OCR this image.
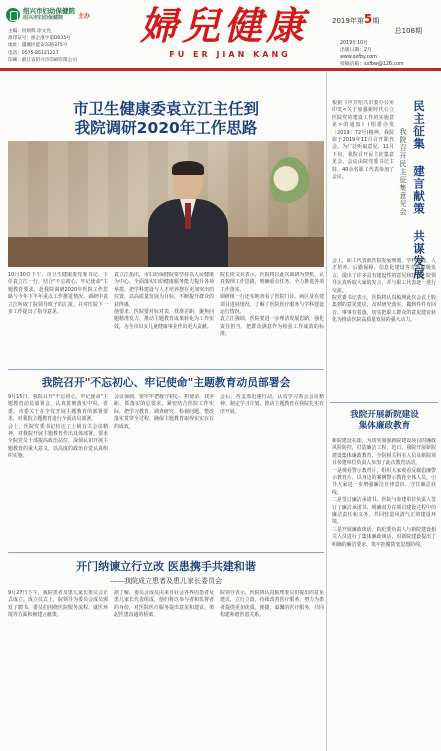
绍兴市妇幼保健院
绍兴市妇幼保健院	主办
主编：何炳辉 徐文亮
准印证号：浙企准字第D035号
地址：越城区延安东路375号
电话：0575-85121227
印刷：浙江省绍兴市印刷有限公司
婦兒健康
FU ER JIAN KANG
2019年第5期
总108期
2019年10月
出版日期：2月
www.sxfby.com
投稿信箱：sxfbw@126.com
市卫生健康委袁立江主任到
我院调研2020年工作思路

10月30日下午，市卫生健康委党委书记、主任袁立江一行，结合"不忘初心、牢记使命"主题教育要求，赴我院调研2020年医院工作思路与今年下半年重点工作推进情况。调研中袁立江听取了院领导班子的汇报，并对医院下一步工作提出了指导意见。

袁立江指出，市妇幼保健院要坚持以人民健康为中心，全面落实妇幼健康服务能力提升各项举措，把学科建设与人才培养摆在更加突出的位置，以高质量发展为目标，不断提升群众的获得感。

他要求，医院要对标对表，找准差距，聚焦问题精准发力，推动主题教育成果转化为工作实效，为全市妇女儿童健康事业作出更大贡献。

院长徐文亮表示，医院将以此次调研为契机，认真梳理工作思路，明确重点任务，全力推进各项工作落实。

调研组一行还实地查看了医院门诊、病区及在建项目进展情况，了解了医院医疗服务与学科建设运行情况。

袁立江强调，医院要进一步理清发展思路，强化责任担当，把群众满意作为检验工作成效的标准。

我院召开"不忘初心、牢记使命"主题教育动员部署会

9月15日，我院召开"不忘初心、牢记使命"主题教育动员部署会，认真贯彻落实中央、省委、市委关于在全党开展主题教育的部署要求，对我院主题教育进行全面动员部署。

会上，医院党委书记传达了上级有关会议精神，对我院开展主题教育作出具体部署，要求全院党员干部提高政治站位，深刻认识开展主题教育的重大意义，以高度的政治自觉认真组织实施。

会议强调，要牢牢把握守初心、担使命，找差距、抓落实的总要求，紧密结合医院工作实际，把学习教育、调查研究、检视问题、整改落实贯穿全过程，确保主题教育取得实实在在的成效。

会后，各支部迅速行动，认真学习领会会议精神，制定学习计划，推动主题教育在我院扎实有序开展。

开门纳谏立行立改 医患携手共建和谐
——我院成立患者及患儿家长委员会

9月27日下午，我院患者及患儿家长委员会正式成立。成立仪式上，院领导为委员会成员颁发了聘书，委员们围绕医院服务流程、就医环境等方面积极建言献策。

据了解，委员会成员由来自社会各界的患者及患儿家长代表组成，他们将以参与者和监督者的身份，对医院医疗服务提出意见和建议，架起医患沟通的桥梁。

院领导表示，医院将认真梳理委员们提出的意见建议，立行立改，持续改善医疗服务，努力为患者提供更加优质、便捷、温馨的医疗服务，共同构建和谐医患关系。

民主征集 建言献策 共谋发展
我院召开民主征集意见会

根据《中共绍兴市委办公室印发<关于加强新时代公立医院党的建设工作的实施意见>的通知》(绍委办发〔2019〕72号)精神，我院拟于2019年11月召开职代会。为广泛听取意见，11月下旬，我院召开民主征集意见会。会议由院党委书记主持，40余名职工代表参加了会议。

会上，职工代表就医院发展规划、学科建设、人才培养、后勤保障、信息化建设等方面积极发言，提出了许多具有建设性的意见和建议。院领导认真听取大家的发言，并与职工代表逐一进行交流。

院党委书记表示，医院将认真梳理此次会议上收集到的意见建议，及时研究落实，做到件件有回音、事事有着落，切实把职工群众的意见建议转化为推动医院高质量发展的强大动力。

我院开展新院建设
集体廉政教育

新院建设在即，为切实加强新院建设项目的廉政风险防控，打造廉洁工程，近日，我院开展新院建设集体廉政教育，全院相关科室人员及新院项目参建单位负责人参加了此次教育活动。

一是观看警示教育片。组织大家观看反腐倡廉警示教育片，以身边的案例警示教育全体人员，引导大家进一步增强廉洁自律意识，守住廉洁底线。

二是签订廉洁承诺书。医院与参建单位负责人签订了廉洁承诺书，明确双方在项目建设过程中的廉洁责任和义务，共同营造风清气正的建设环境。

三是开展廉政谈话。院纪委负责人与新院建设相关人员进行了集体廉政谈话，对新院建设提出了明确的廉洁要求，筑牢拒腐防变思想防线。
